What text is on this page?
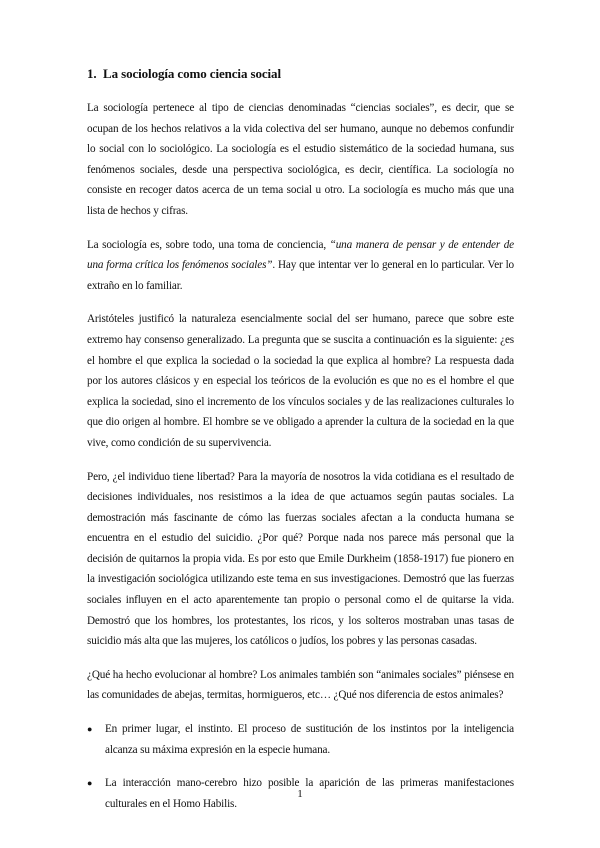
1. La sociología como ciencia social

La sociología pertenece al tipo de ciencias denominadas “ciencias sociales”, es decir, que se ocupan de los hechos relativos a la vida colectiva del ser humano, aunque no debemos confundir lo social con lo sociológico. La sociología es el estudio sistemático de la sociedad humana, sus fenómenos sociales, desde una perspectiva sociológica, es decir, científica. La sociología no consiste en recoger datos acerca de un tema social u otro. La sociología es mucho más que una lista de hechos y cifras.

La sociología es, sobre todo, una toma de conciencia, “una manera de pensar y de entender de una forma crítica los fenómenos sociales”. Hay que intentar ver lo general en lo particular. Ver lo extraño en lo familiar.

Aristóteles justificó la naturaleza esencialmente social del ser humano, parece que sobre este extremo hay consenso generalizado. La pregunta que se suscita a continuación es la siguiente: ¿es el hombre el que explica la sociedad o la sociedad la que explica al hombre? La respuesta dada por los autores clásicos y en especial los teóricos de la evolución es que no es el hombre el que explica la sociedad, sino el incremento de los vínculos sociales y de las realizaciones culturales lo que dio origen al hombre. El hombre se ve obligado a aprender la cultura de la sociedad en la que vive, como condición de su supervivencia.

Pero, ¿el individuo tiene libertad? Para la mayoría de nosotros la vida cotidiana es el resultado de decisiones individuales, nos resistimos a la idea de que actuamos según pautas sociales. La demostración más fascinante de cómo las fuerzas sociales afectan a la conducta humana se encuentra en el estudio del suicidio. ¿Por qué? Porque nada nos parece más personal que la decisión de quitarnos la propia vida. Es por esto que Emile Durkheim (1858-1917) fue pionero en la investigación sociológica utilizando este tema en sus investigaciones. Demostró que las fuerzas sociales influyen en el acto aparentemente tan propio o personal como el de quitarse la vida. Demostró que los hombres, los protestantes, los ricos, y los solteros mostraban unas tasas de suicidio más alta que las mujeres, los católicos o judíos, los pobres y las personas casadas.

¿Qué ha hecho evolucionar al hombre? Los animales también son “animales sociales” piénsese en las comunidades de abejas, termitas, hormigueros, etc… ¿Qué nos diferencia de estos animales?

● En primer lugar, el instinto. El proceso de sustitución de los instintos por la inteligencia alcanza su máxima expresión en la especie humana.
● La interacción mano-cerebro hizo posible la aparición de las primeras manifestaciones culturales en el Homo Habilis.
1
